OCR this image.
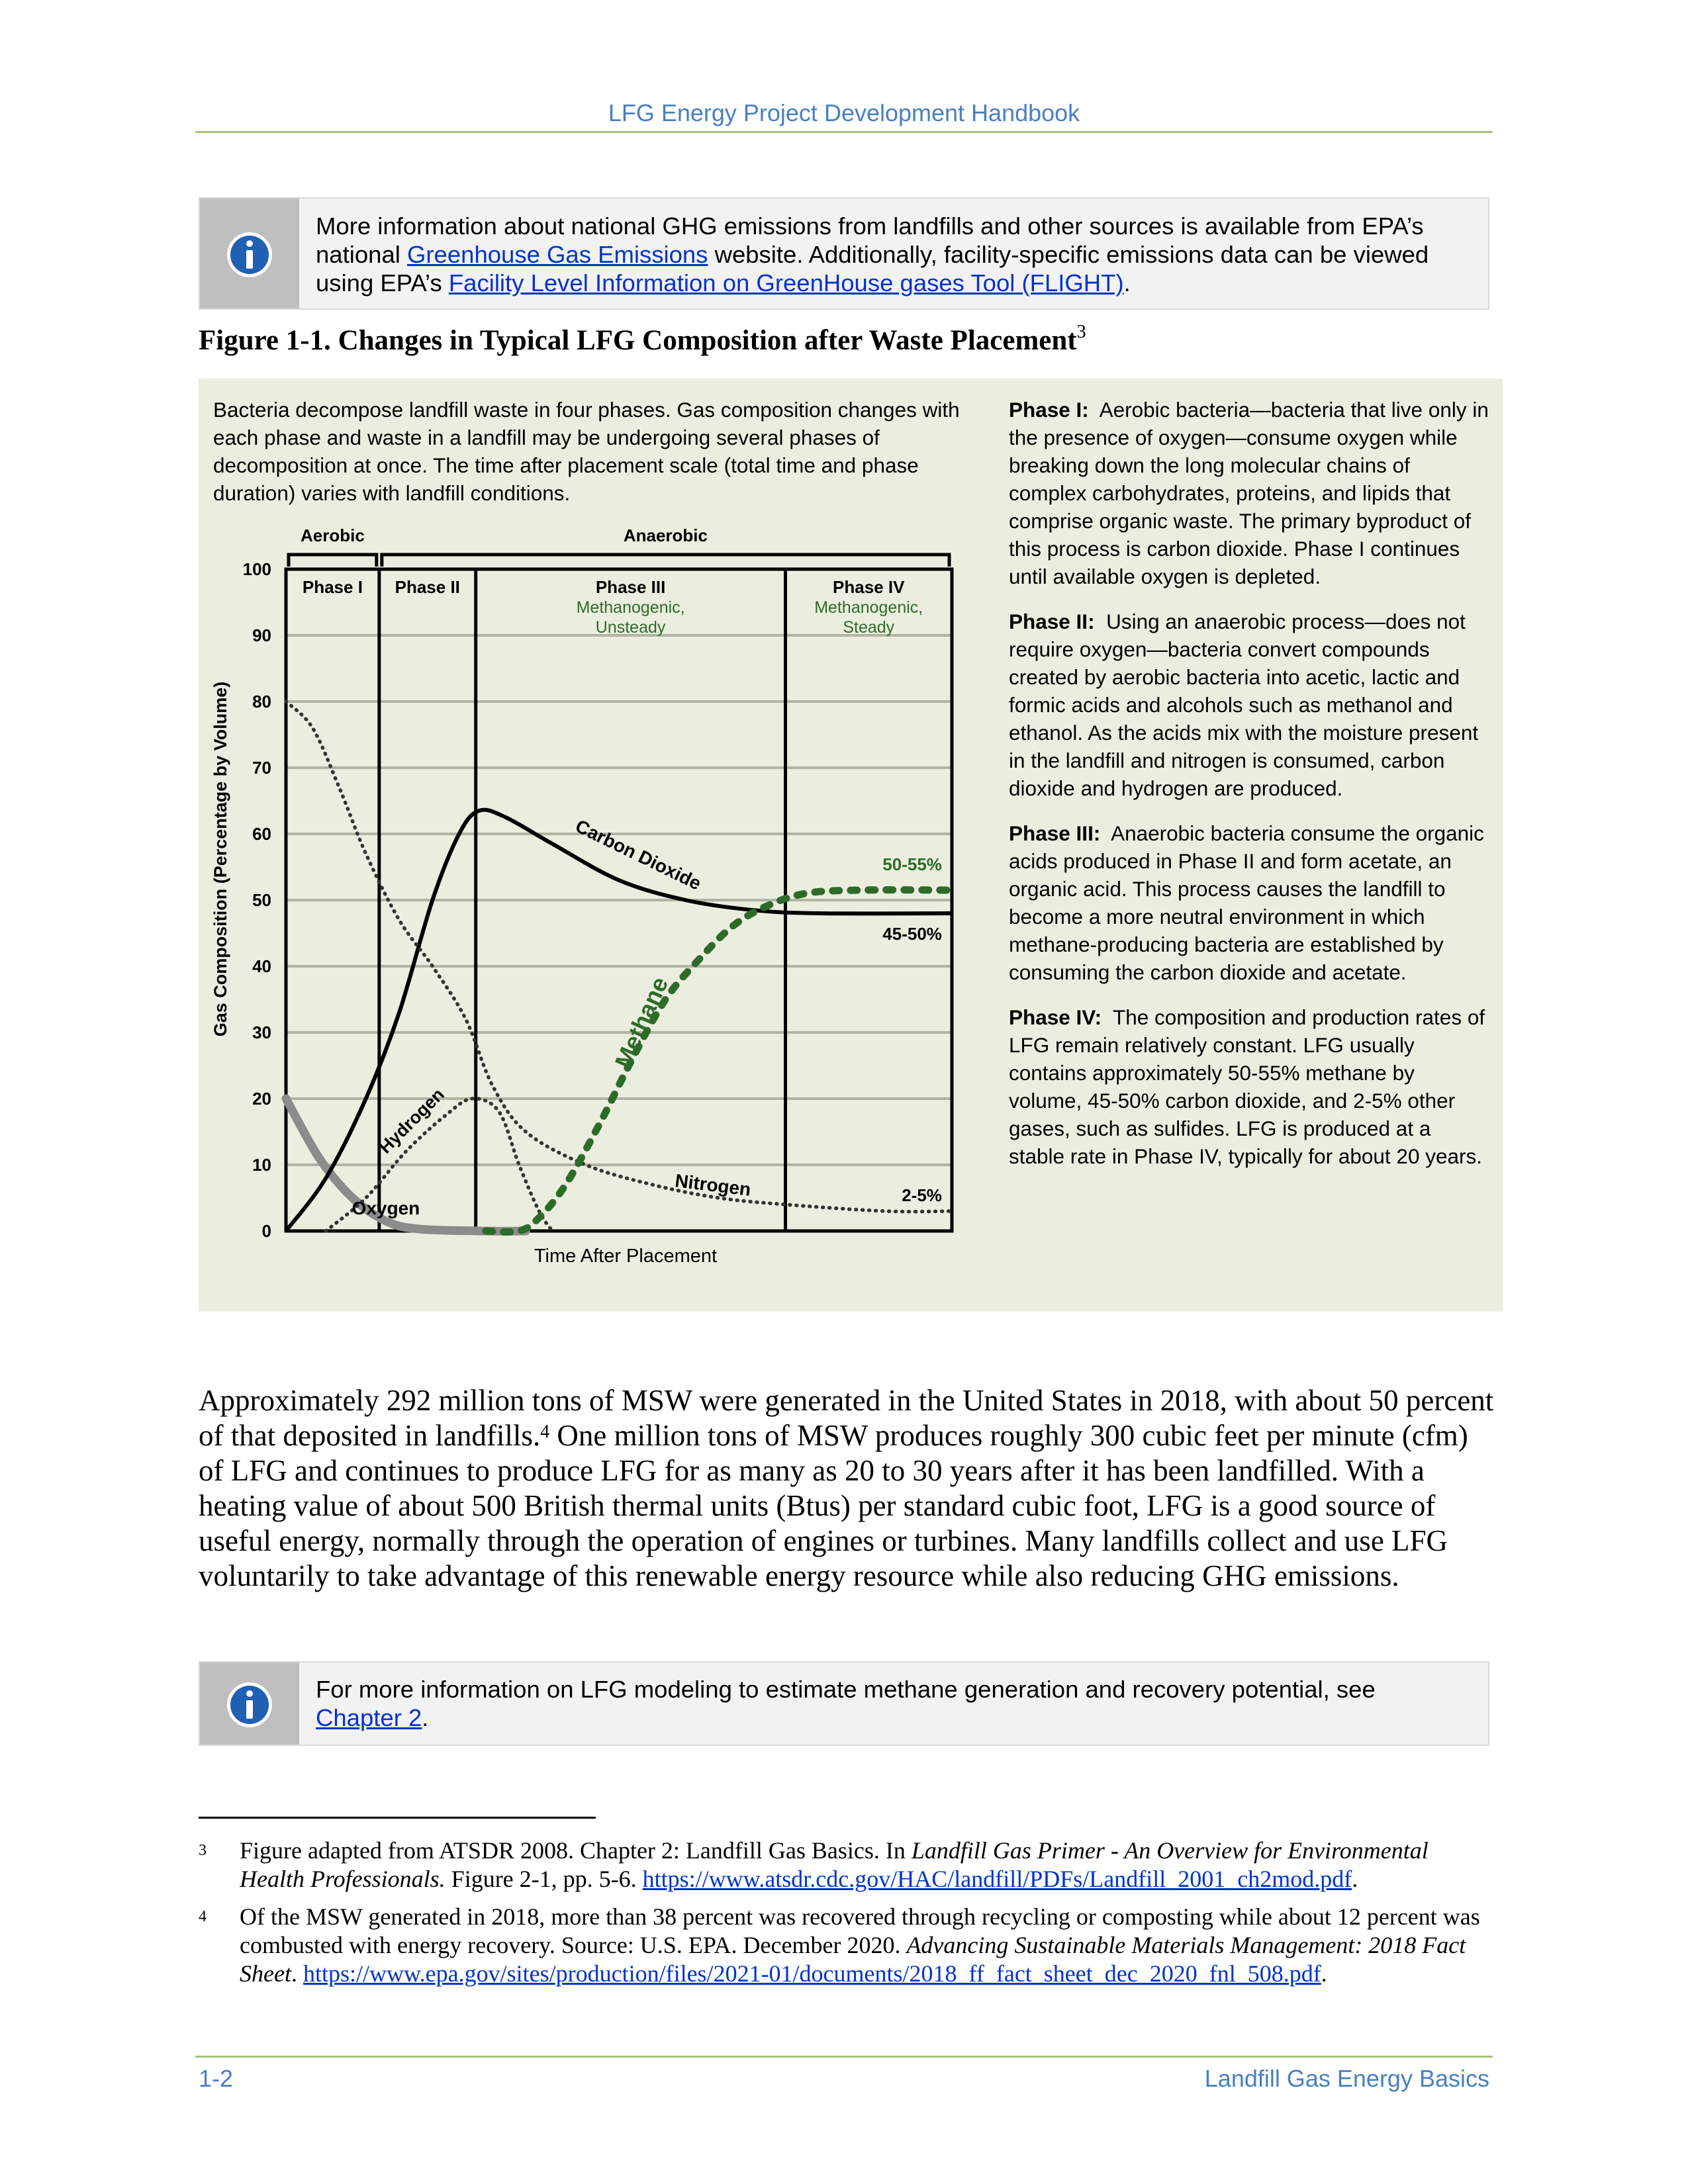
LFG Energy Project Development Handbook
More information about national GHG emissions from landfills and other sources is available from EPA’s
national Greenhouse Gas Emissions website. Additionally, facility-specific emissions data can be viewed
using EPA’s Facility Level Information on GreenHouse gases Tool (FLIGHT).
Figure 1-1. Changes in Typical LFG Composition after Waste Placement$^3$
Bacteria decompose landfill waste in four phases. Gas composition changes with each phase and waste in a landfill may be undergoing several phases of decomposition at once. The time after placement scale (total time and phase duration) varies with landfill conditions.

Phase I: Aerobic bacteria—bacteria that live only in the presence of oxygen—consume oxygen while breaking down the long molecular chains of complex carbohydrates, proteins, and lipids that comprise organic waste. The primary byproduct of this process is carbon dioxide. Phase I continues until available oxygen is depleted.

Phase II: Using an anaerobic process—does not require oxygen—bacteria convert compounds created by aerobic bacteria into acetic, lactic and formic acids and alcohols such as methanol and ethanol. As the acids mix with the moisture present in the landfill and nitrogen is consumed, carbon dioxide and hydrogen are produced.

Phase III: Anaerobic bacteria consume the organic acids produced in Phase II and form acetate, an organic acid. This process causes the landfill to become a more neutral environment in which methane-producing bacteria are established by consuming the carbon dioxide and acetate.

Phase IV: The composition and production rates of LFG remain relatively constant. LFG usually contains approximately 50-55% methane by volume, 45-50% carbon dioxide, and 2-5% other gases, such as sulfides. LFG is produced at a stable rate in Phase IV, typically for about 20 years.

0
10
20
30
40
50
60
70
80
90
100
Aerobic	Anaerobic
Phase I Phase II	Phase III
Methanogenic,
Unsteady
Phase IV
Methanogenic,
Steady
Oxygen
Carbon Dioxide
Nitrogen
Hydrogen
Methane
50-55%
45-50%
2-5%
Gas Composition (Percentage by Volume)
Time After Placement
Approximately 292 million tons of MSW were generated in the United States in 2018, with about 50 percent of that deposited in landfills.$^4$ One million tons of MSW produces roughly 300 cubic feet per minute (cfm) of LFG and continues to produce LFG for as many as 20 to 30 years after it has been landfilled. With a heating value of about 500 British thermal units (Btus) per standard cubic foot, LFG is a good source of useful energy, normally through the operation of engines or turbines. Many landfills collect and use LFG voluntarily to take advantage of this renewable energy resource while also reducing GHG emissions.
For more information on LFG modeling to estimate methane generation and recovery potential, see
Chapter 2.
3 Figure adapted from ATSDR 2008. Chapter 2: Landfill Gas Basics. In Landfill Gas Primer - An Overview for Environmental Health Professionals. Figure 2-1, pp. 5-6. https://www.atsdr.cdc.gov/HAC/landfill/PDFs/Landfill_2001_ch2mod.pdf.
4 Of the MSW generated in 2018, more than 38 percent was recovered through recycling or composting while about 12 percent was combusted with energy recovery. Source: U.S. EPA. December 2020. Advancing Sustainable Materials Management: 2018 Fact Sheet. https://www.epa.gov/sites/production/files/2021-01/documents/2018_ff_fact_sheet_dec_2020_fnl_508.pdf.
1-2	Landfill Gas Energy Basics
